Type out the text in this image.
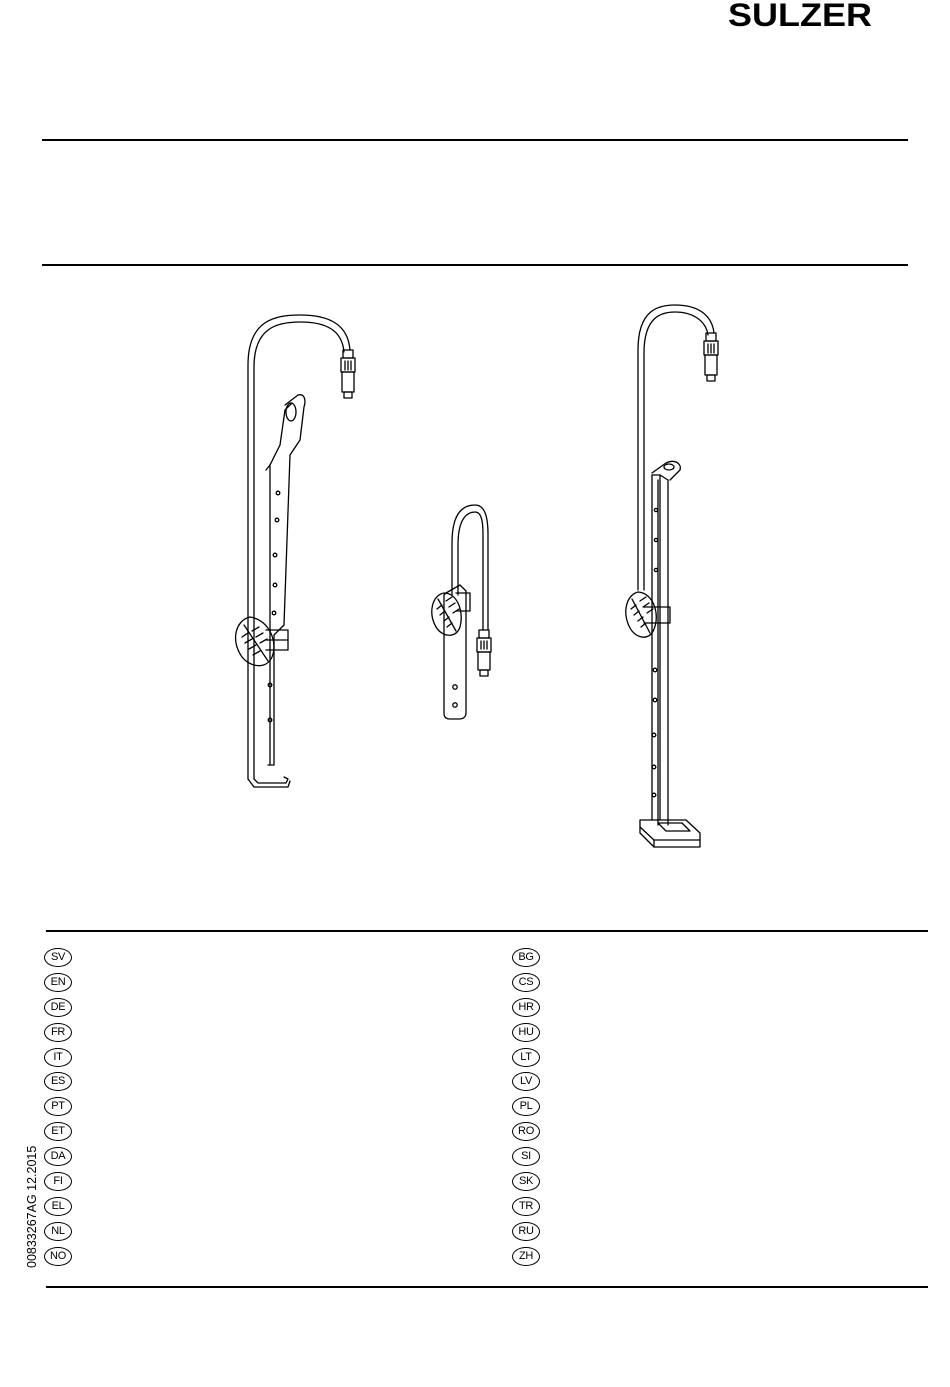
SULZER
SV
EN
DE
FR
IT
ES
PT
ET
DA
FI
EL
NL
NO
BG
CS
HR
HU
LT
LV
PL
RO
SI
SK
TR
RU
ZH
00833267AG 12.2015
